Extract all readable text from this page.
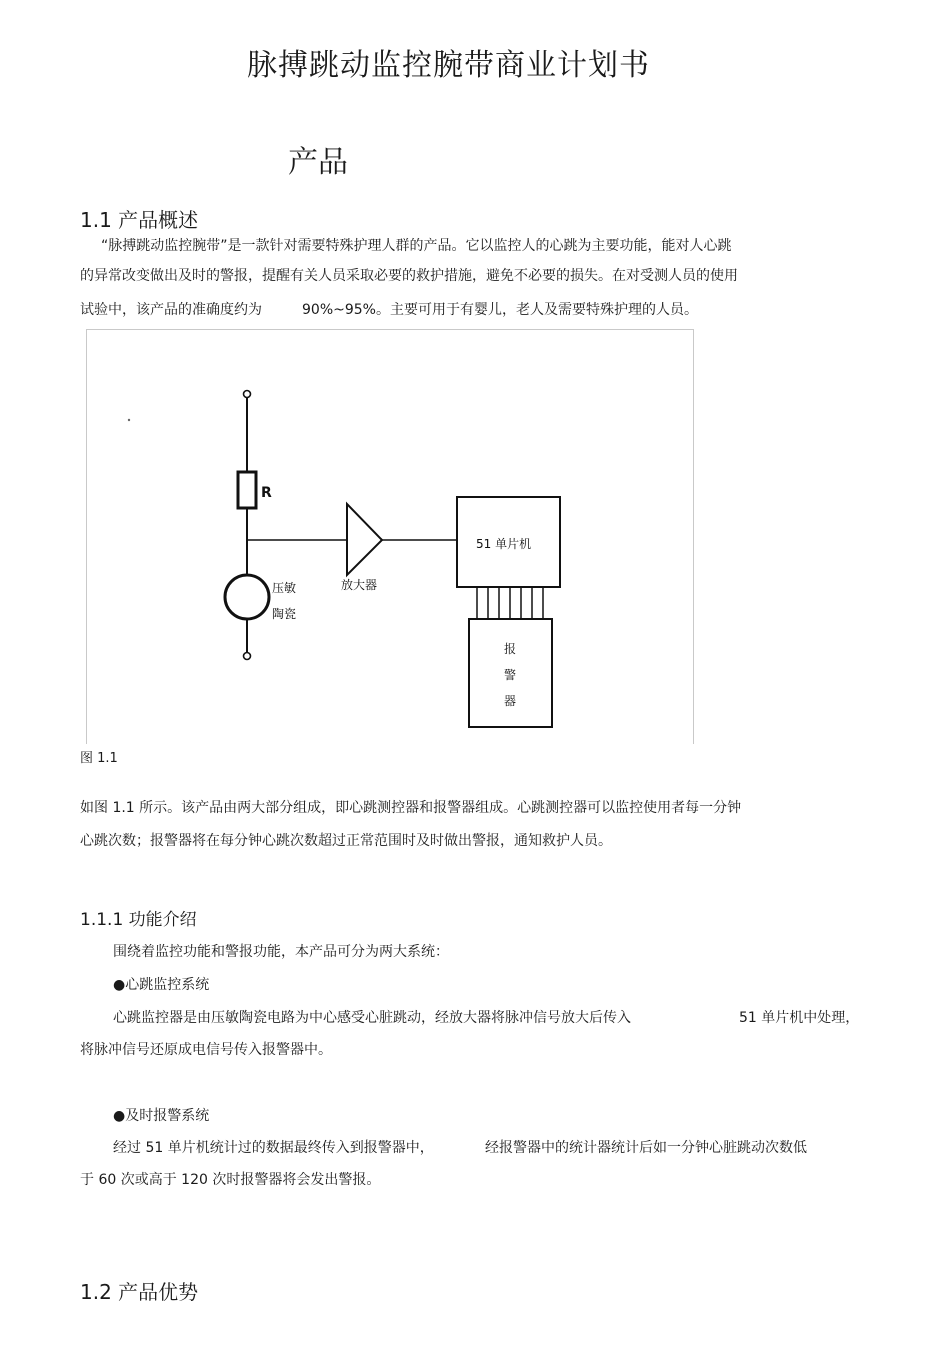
脉搏跳动监控腕带商业计划书
产品
1.1 产品概述
“脉搏跳动监控腕带”是一款针对需要特殊护理人群的产品。它以监控人的心跳为主要功能，能对人心跳
的异常改变做出及时的警报，提醒有关人员采取必要的救护措施，避免不必要的损失。在对受测人员的使用
试验中，该产品的准确度约为	90%~95%。主要可用于有婴儿，老人及需要特殊护理的人员。
R
压敏
陶瓷
放大器
51 单片机
报
警
器
图 1.1
如图 1.1 所示。该产品由两大部分组成，即心跳测控器和报警器组成。心跳测控器可以监控使用者每一分钟
心跳次数；报警器将在每分钟心跳次数超过正常范围时及时做出警报，通知救护人员。
1.1.1 功能介绍
围绕着监控功能和警报功能，本产品可分为两大系统：
●心跳监控系统
心跳监控器是由压敏陶瓷电路为中心感受心脏跳动，经放大器将脉冲信号放大后传入	51 单片机中处理，
将脉冲信号还原成电信号传入报警器中。
●及时报警系统
经过 51 单片机统计过的数据最终传入到报警器中，	经报警器中的统计器统计后如一分钟心脏跳动次数低
于 60 次或高于 120 次时报警器将会发出警报。
1.2 产品优势
